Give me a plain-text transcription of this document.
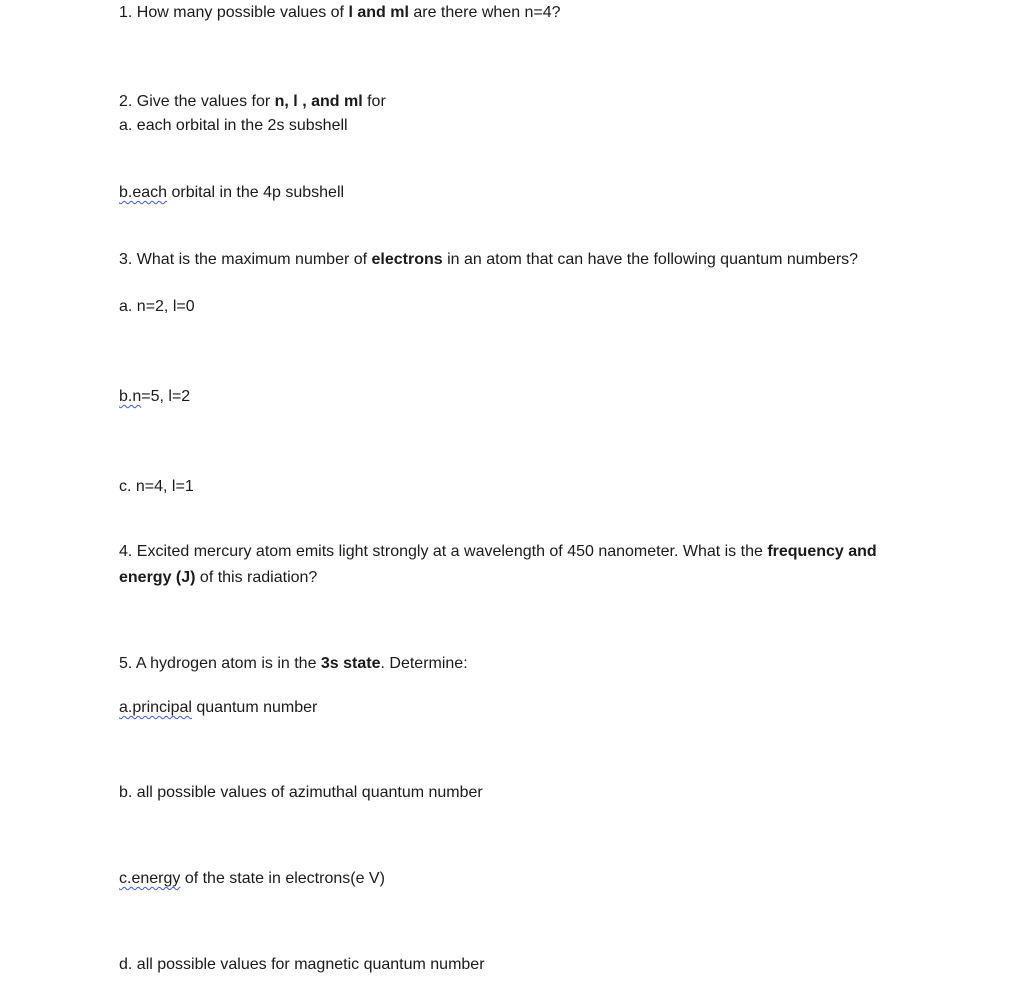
1. How many possible values of l and ml are there when n=4?
2. Give the values for n, l , and ml for
a. each orbital in the 2s subshell
b.each orbital in the 4p subshell
3. What is the maximum number of electrons in an atom that can have the following quantum numbers?
a. n=2, l=0
b.n=5, l=2
c. n=4, l=1
4. Excited mercury atom emits light strongly at a wavelength of 450 nanometer. What is the frequency and energy (J) of this radiation?
5. A hydrogen atom is in the 3s state. Determine:
a.principal quantum number
b. all possible values of azimuthal quantum number
c.energy of the state in electrons(e V)
d. all possible values for magnetic quantum number
